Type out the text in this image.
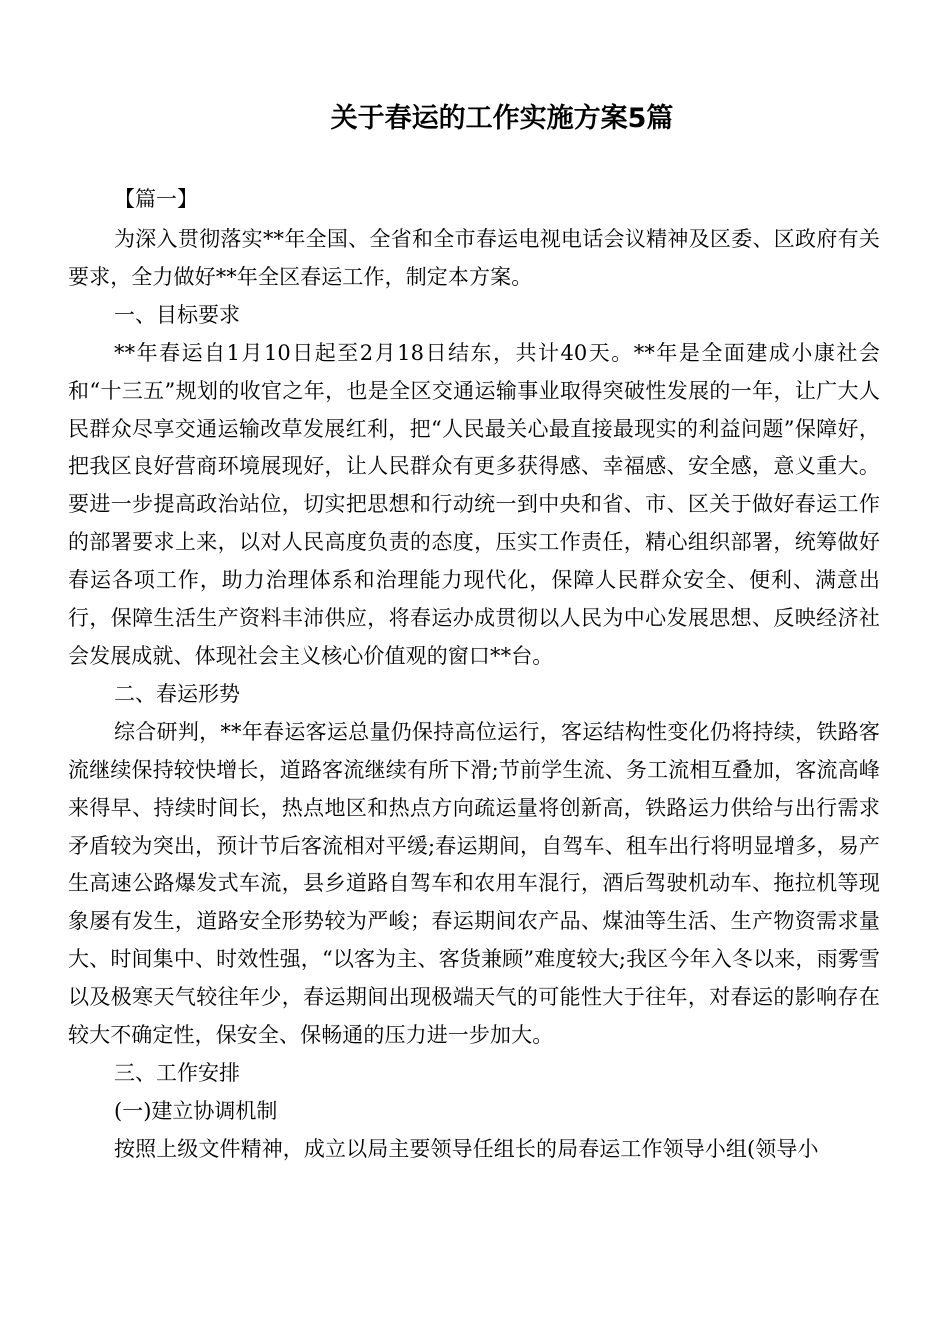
关于春运的工作实施方案5篇

【篇一】

为深入贯彻落实**年全国、全省和全市春运电视电话会议精神及区委、区政府有关要求，全力做好**年全区春运工作，制定本方案。

一、目标要求

**年春运自1月10日起至2月18日结东，共计40天。**年是全面建成小康社会和“十三五”规划的收官之年，也是全区交通运输事业取得突破性发展的一年，让广大人民群众尽享交通运输改草发展红利，把“人民最关心最直接最现实的利益问题”保障好，把我区良好营商环境展现好，让人民群众有更多获得感、幸福感、安全感，意义重大。要进一步提高政治站位，切实把思想和行动统一到中央和省、市、区关于做好春运工作的部署要求上来，以对人民高度负责的态度，压实工作责任，精心组织部署，统筹做好春运各项工作，助力治理体系和治理能力现代化，保障人民群众安全、便利、满意出行，保障生活生产资料丰沛供应，将春运办成贯彻以人民为中心发展思想、反映经济社会发展成就、体现社会主义核心价值观的窗口**台。

二、春运形势

综合研判，**年春运客运总量仍保持高位运行，客运结构性变化仍将持续，铁路客流继续保持较快增长，道路客流继续有所下滑;节前学生流、务工流相互叠加，客流高峰来得早、持续时间长，热点地区和热点方向疏运量将创新高，铁路运力供给与出行需求矛盾较为突出，预计节后客流相对平缓;春运期间，自驾车、租车出行将明显增多，易产生高速公路爆发式车流，县乡道路自驾车和农用车混行，酒后驾驶机动车、拖拉机等现象屡有发生，道路安全形势较为严峻；春运期间农产品、煤油等生活、生产物资需求量大、时间集中、时效性强，“以客为主、客货兼顾”难度较大;我区今年入冬以来，雨雾雪以及极寒天气较往年少，春运期间出现极端天气的可能性大于往年，对春运的影响存在较大不确定性，保安全、保畅通的压力进一步加大。

三、工作安排

(一)建立协调机制

按照上级文件精神，成立以局主要领导任组长的局春运工作领导小组(领导小
